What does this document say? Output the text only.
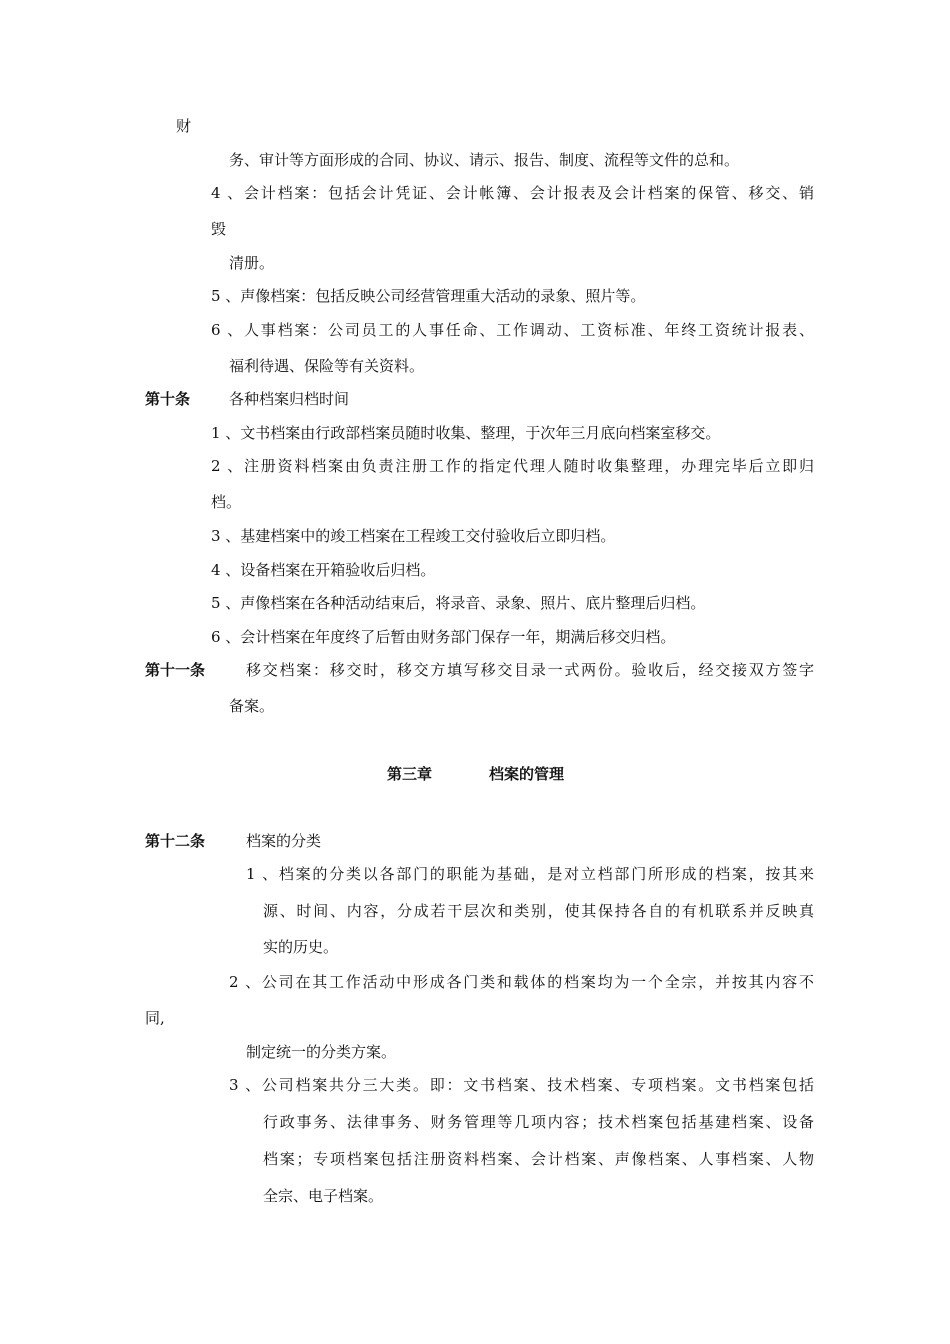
财
务、审计等方面形成的合同、协议、请示、报告、制度、流程等文件的总和。
4 、会计档案：包括会计凭证、会计帐簿、会计报表及会计档案的保管、移交、销
毁
清册。
5 、声像档案：包括反映公司经营管理重大活动的录象、照片等。
6 、人事档案：公司员工的人事任命、工作调动、工资标准、年终工资统计报表、
福利待遇、保险等有关资料。
第十条	各种档案归档时间
1 、文书档案由行政部档案员随时收集、整理，于次年三月底向档案室移交。
2 、注册资料档案由负责注册工作的指定代理人随时收集整理，办理完毕后立即归
档。
3 、基建档案中的竣工档案在工程竣工交付验收后立即归档。
4 、设备档案在开箱验收后归档。
5 、声像档案在各种活动结束后，将录音、录象、照片、底片整理后归档。
6 、会计档案在年度终了后暂由财务部门保存一年，期满后移交归档。
第十一条	移交档案：移交时，移交方填写移交目录一式两份。验收后，经交接双方签字
备案。
第三章	档案的管理
第十二条	档案的分类
1 、档案的分类以各部门的职能为基础，是对立档部门所形成的档案，按其来
源、时间、内容，分成若干层次和类别，使其保持各自的有机联系并反映真
实的历史。
2 、公司在其工作活动中形成各门类和载体的档案均为一个全宗，并按其内容不
同,
制定统一的分类方案。
3 、公司档案共分三大类。即：文书档案、技术档案、专项档案。文书档案包括
行政事务、法律事务、财务管理等几项内容；技术档案包括基建档案、设备
档案；专项档案包括注册资料档案、会计档案、声像档案、人事档案、人物
全宗、电子档案。
